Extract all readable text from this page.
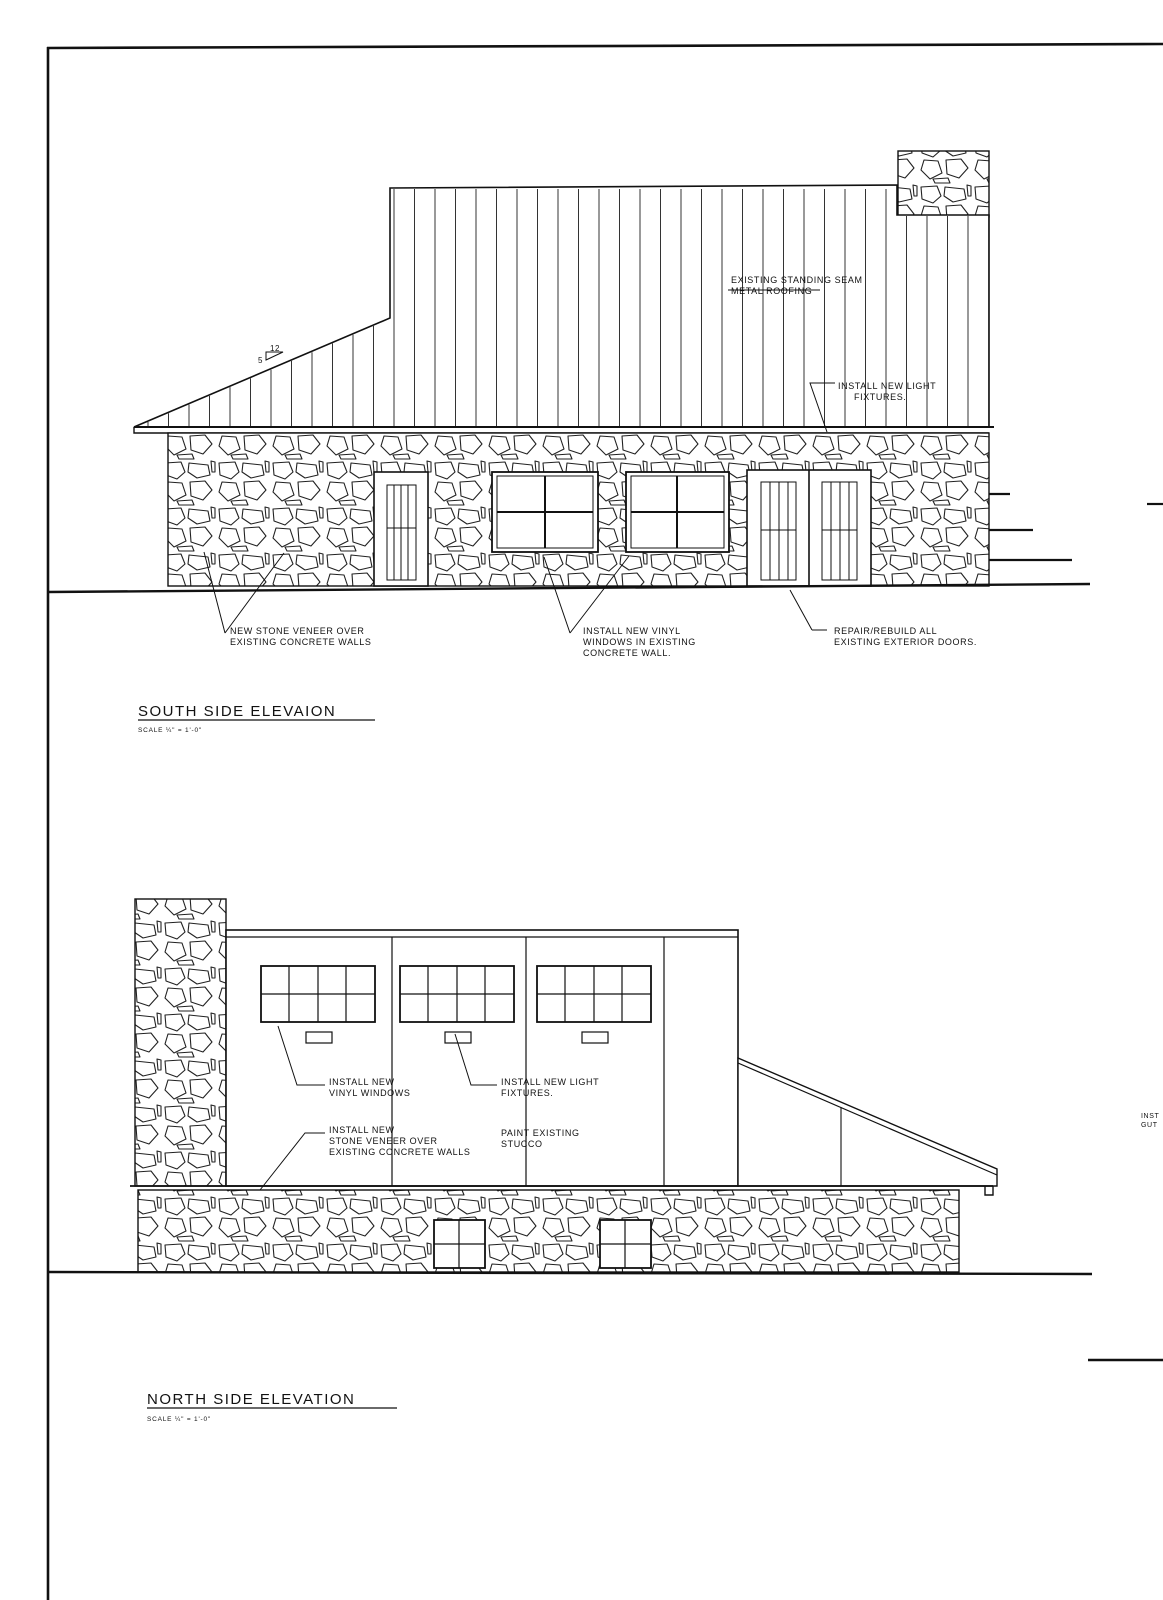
5
12
EXISTING STANDING SEAM METAL ROOFING
INSTALL NEW LIGHT FIXTURES.
NEW STONE VENEER OVER EXISTING CONCRETE WALLS
INSTALL NEW VINYL WINDOWS IN EXISTING CONCRETE WALL.
REPAIR/REBUILD ALL EXISTING EXTERIOR DOORS.
SOUTH SIDE ELEVAION
SCALE ¼" = 1'-0"
INSTALL NEW VINYL WINDOWS
INSTALL NEW LIGHT FIXTURES.
INSTALL NEW STONE VENEER OVER EXISTING CONCRETE WALLS
PAINT EXISTING STUCCO
NORTH SIDE ELEVATION
SCALE ¼" = 1'-0"
INST GUT
